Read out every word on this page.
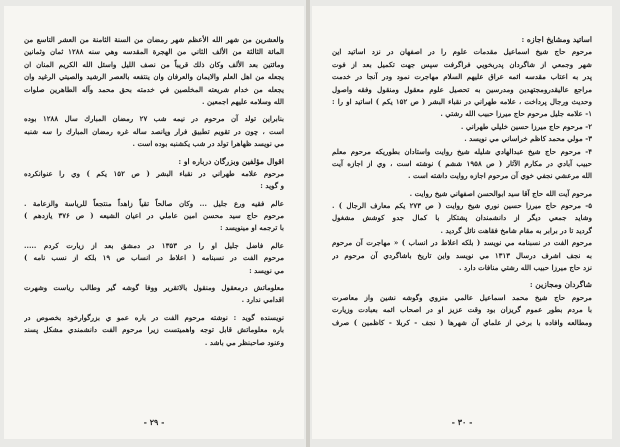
والعشرين من شهر الله الأعظم شهر رمضان من السنة الثامنة من العشر التاسع من
المائة الثالثة من الألف الثاني من الهجرة المقدسه وهي سنه ۱۲۸۸ ثمان وثمانين
ومائتين بعد الألف وكان ذلك قريباً من نصف الليل واسئل الله الكريم المنان ان
يجعله من اهل العلم والايمان والعرفان وان ينتفعه بالعصر الرشيد والصيتي الرغيد وان
يجعله من خدام شريعته المخلصين في خدمته بحق محمد وآله الطاهرين صلوات
الله وسلامه عليهم اجمعين .
بنابراين تولد آن مرحوم در نيمه شب ۲۷ رمضان المبارك سال ۱۲۸۸ بوده
است ، چون در تقويم تطبيق فرار وپانصد ساله غره رمضان المبارك را سه شنبه
مي نويسد ظهاهرا تولد در شب يكشنبه بوده است .
اقوال مؤلفين وبزرگان درباره او :
مرحوم علامه طهراني در نقباء البشر ( ص ۱۵۲ يكم ) وي را عنوانكرده
و گويد :
عالم فقيه ورع جليل ... وكان صالحاً تقياً زاهداً منتجعاً للرياسة والزعامة .
مرحوم حاج سيد محسن امين عاملي در اعيان الشيعه ( ص ۳۷۶ يازدهم )
با ترجمه او مينويسد :
عالم فاضل جليل او را در ۱۳۵۳ در دمشق بعد از زيارت كردم .....
مرحوم الفت در نسبنامه ( اعلاط در انساب ص ۱۹ بلكه از نسب نامه )
مي نويسد :
معلوماتش درمعقول ومنقول بالاتقرير ووفا گوشه گير وطالب رياست وشهرت
اقدامي ندارد .
نويسنده گويد : نوشته مرحوم الفت در باره عمو ي بزرگوارخود بخصوص در
باره معلوماتش قابل توجه واهميتست زيرا مرحوم الفت دانشمندي مشكل پسند
وعنود صاحبنظر مي باشد .
- ۲۹ -
اساتيد ومشايخ اجازه :
مرحوم حاج شيخ اسماعيل مقدمات علوم را در اصفهان در نزد اساتيد اين
شهر وجمعي از شاگردان پدربخويي فراگرفت سپس جهت تكميل بعد از فوت
پدر به اعتاب مقدسه ائمه عراق عليهم السلام مهاجرت نمود ودر آنجا در خدمت
مراجع عاليقدرومجتهدين ومدرسين به تحصيل علوم معقول ومنقول وفقه واصول
وحديث ورجال پرداخت ، علامه طهراني در نقباء البشر ( ص ۱۵۲ يكم ) اساتيد او را :
۱- علامه جليل مرحوم حاج ميرزا حبيب الله رشتي .
۲- مرحوم حاج ميرزا حسين خليلي طهراني .
۳- مولي محمد كاظم خراساني مي نويسد .
۴- مرحوم حاج شيخ عبدالهادي شليله شيخ روايت واستادان بطوريكه مرحوم معلم
حبيب آبادي در مكارم الآثار ( ص ۱۹۵۸ ششم ) نوشته است ، وي از اجازه آيت
الله مرعشي نجفي خوي آن مرحوم اجازه روايت داشته است .
مرحوم آيت الله حاج آقا سيد ابوالحسن اصفهاني شيخ روايت .
۵- مرحوم حاج ميرزا حسين نوري شيخ روايت ( ص ۲۷۳ يكم معارف الرجال ) .
وشايد جمعي ديگر از دانشمندان پشتكار با كمال جدو كوشش مشغول
گرديد تا در برابر به مقام شامخ فقاهت نائل گرديد .
مرحوم الفت در نسبنامه مي نويسد ( بلكه اعلاط در انساب ) « مهاجرت آن مرحوم
به نجف اشرف درسال ۱۳۱۳ مي نويسد واين تاريخ باشاگردي آن مرحوم در
نزد حاج ميرزا حبيب الله رشتي منافات دارد .
شاگردان ومجازين :
مرحوم حاج شيخ محمد اسماعيل عالمي منزوي وگوشه نشين واز معاصرت
با مردم بطور عموم گريزان بود وقت عزيز او در اصحاب ائمه بعبادت وزيارت
ومطالعه وافاده با برخي از علماي آن شهرها ( نجف - كربلا - كاظمين ) صرف
- ۳۰ -
